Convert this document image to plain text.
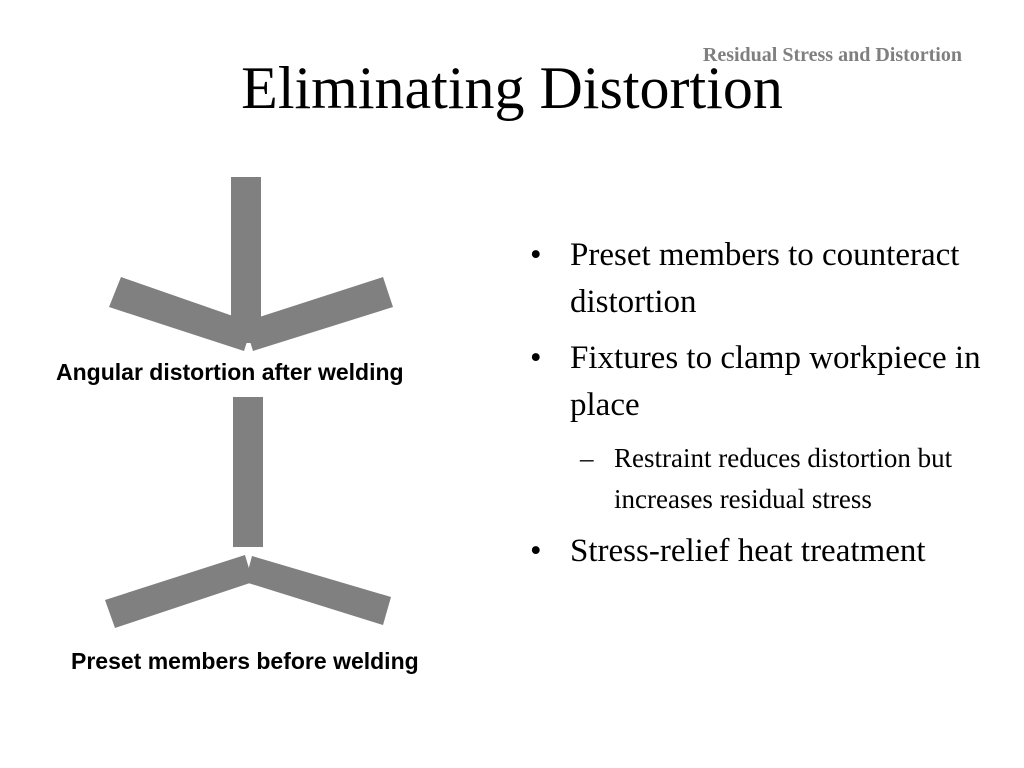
Residual Stress and Distortion
Eliminating Distortion
Angular distortion after welding
Preset members before welding
• Preset members to counteract distortion
• Fixtures to clamp workpiece in place
– Restraint reduces distortion but increases residual stress
• Stress-relief heat treatment
